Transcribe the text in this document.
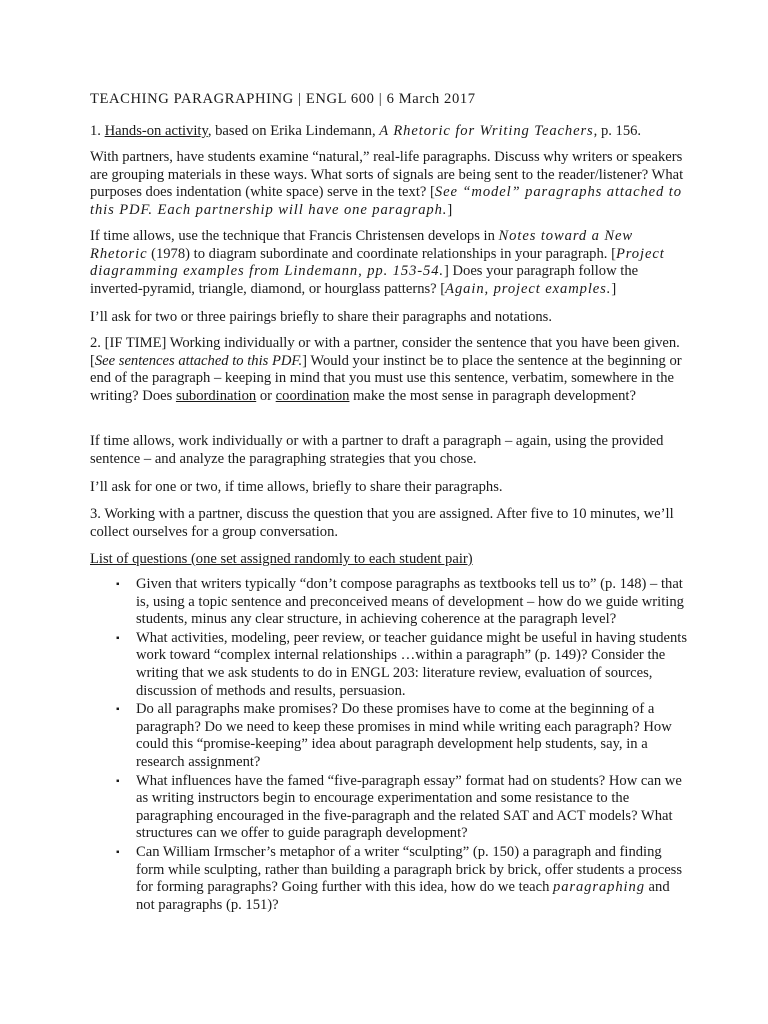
TEACHING PARAGRAPHING | ENGL 600 | 6 March 2017

1. Hands-on activity, based on Erika Lindemann, A Rhetoric for Writing Teachers, p. 156.

With partners, have students examine “natural,” real-life paragraphs. Discuss why writers or speakers are grouping materials in these ways. What sorts of signals are being sent to the reader/listener? What purposes does indentation (white space) serve in the text? [See “model” paragraphs attached to this PDF. Each partnership will have one paragraph.]

If time allows, use the technique that Francis Christensen develops in Notes toward a New Rhetoric (1978) to diagram subordinate and coordinate relationships in your paragraph. [Project diagramming examples from Lindemann, pp. 153-54.] Does your paragraph follow the inverted-pyramid, triangle, diamond, or hourglass patterns? [Again, project examples.]

I’ll ask for two or three pairings briefly to share their paragraphs and notations.

2. [IF TIME] Working individually or with a partner, consider the sentence that you have been given. [See sentences attached to this PDF.] Would your instinct be to place the sentence at the beginning or end of the paragraph – keeping in mind that you must use this sentence, verbatim, somewhere in the writing? Does subordination or coordination make the most sense in paragraph development?

If time allows, work individually or with a partner to draft a paragraph – again, using the provided sentence – and analyze the paragraphing strategies that you chose.

I’ll ask for one or two, if time allows, briefly to share their paragraphs.

3. Working with a partner, discuss the question that you are assigned. After five to 10 minutes, we’ll collect ourselves for a group conversation.

List of questions (one set assigned randomly to each student pair)

▪ Given that writers typically “don’t compose paragraphs as textbooks tell us to” (p. 148) – that is, using a topic sentence and preconceived means of development – how do we guide writing students, minus any clear structure, in achieving coherence at the paragraph level?
▪ What activities, modeling, peer review, or teacher guidance might be useful in having students work toward “complex internal relationships …within a paragraph” (p. 149)? Consider the writing that we ask students to do in ENGL 203: literature review, evaluation of sources, discussion of methods and results, persuasion.
▪ Do all paragraphs make promises? Do these promises have to come at the beginning of a paragraph? Do we need to keep these promises in mind while writing each paragraph? How could this “promise-keeping” idea about paragraph development help students, say, in a research assignment?
▪ What influences have the famed “five-paragraph essay” format had on students? How can we as writing instructors begin to encourage experimentation and some resistance to the paragraphing encouraged in the five-paragraph and the related SAT and ACT models? What structures can we offer to guide paragraph development?
▪ Can William Irmscher’s metaphor of a writer “sculpting” (p. 150) a paragraph and finding form while sculpting, rather than building a paragraph brick by brick, offer students a process for forming paragraphs? Going further with this idea, how do we teach paragraphing and not paragraphs (p. 151)?
